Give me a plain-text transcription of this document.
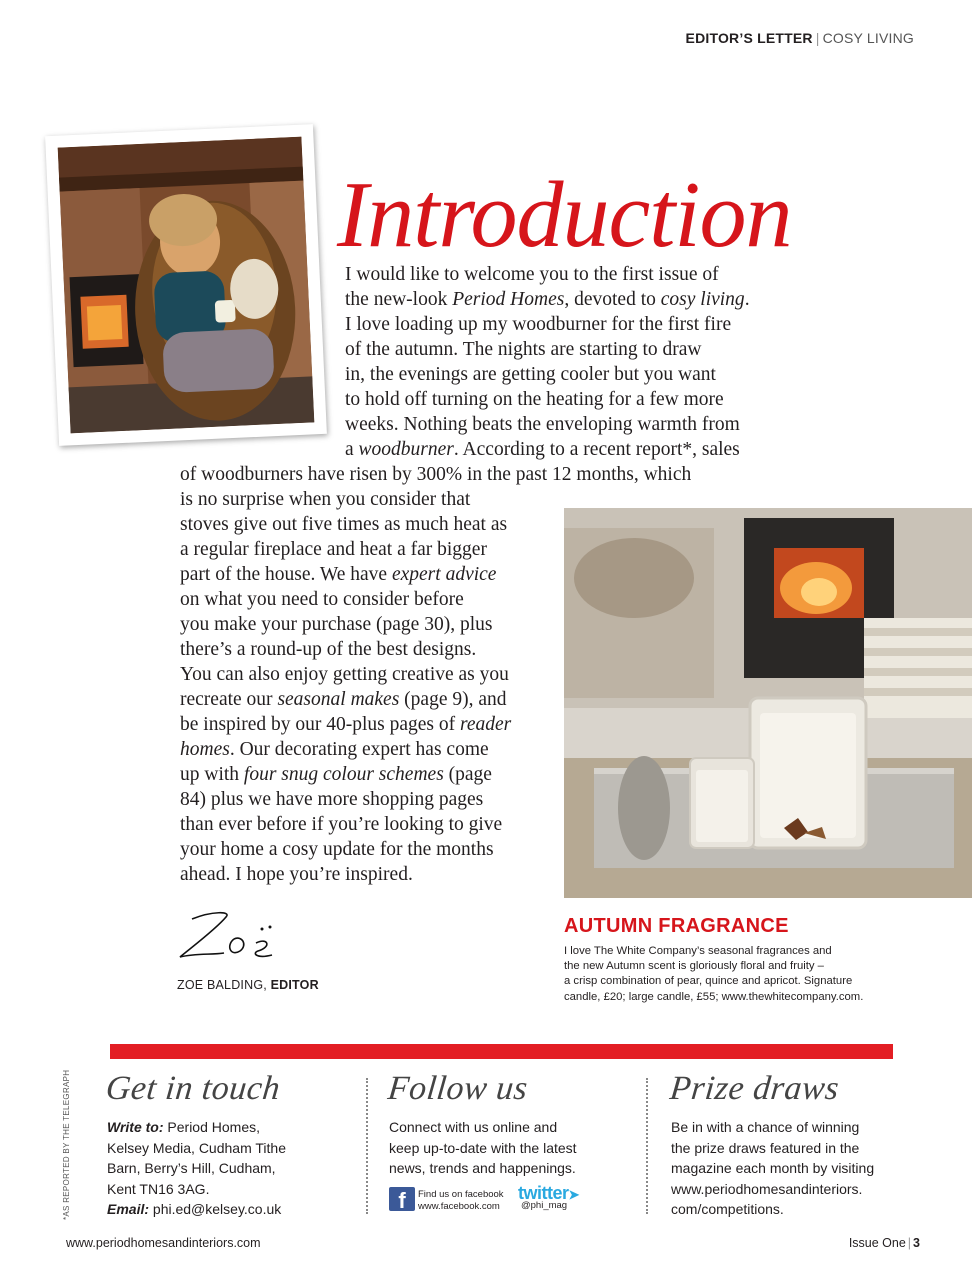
EDITOR’S LETTER | COSY LIVING
Introduction
I would like to welcome you to the first issue of
the new-look Period Homes, devoted to cosy living.
I love loading up my woodburner for the first fire
of the autumn. The nights are starting to draw
in, the evenings are getting cooler but you want
to hold off turning on the heating for a few more
weeks. Nothing beats the enveloping warmth from
a woodburner. According to a recent report*, sales
of woodburners have risen by 300% in the past 12 months, which
is no surprise when you consider that
stoves give out five times as much heat as
a regular fireplace and heat a far bigger
part of the house. We have expert advice
on what you need to consider before
you make your purchase (page 30), plus
there’s a round-up of the best designs.
You can also enjoy getting creative as you
recreate our seasonal makes (page 9), and
be inspired by our 40-plus pages of reader
homes. Our decorating expert has come
up with four snug colour schemes (page
84) plus we have more shopping pages
than ever before if you’re looking to give
your home a cosy update for the months
ahead. I hope you’re inspired.
ZOE BALDING, EDITOR
AUTUMN FRAGRANCE
I love The White Company’s seasonal fragrances and
the new Autumn scent is gloriously floral and fruity –
a crisp combination of pear, quince and apricot. Signature
candle, £20; large candle, £55; www.thewhitecompany.com.
*AS REPORTED BY THE TELEGRAPH Get in touch
Write to: Period Homes,
Kelsey Media, Cudham Tithe
Barn, Berry’s Hill, Cudham,
Kent TN16 3AG.
Email: phi.ed@kelsey.co.uk
Follow us
Connect with us online and
keep up-to-date with the latest
news, trends and happenings.
f	Find us on facebook
www.facebook.com
twitter➤
@phi_mag
Prize draws
Be in with a chance of winning
the prize draws featured in the
magazine each month by visiting
www.periodhomesandinteriors.
com/competitions.
www.periodhomesandinteriors.com	Issue One | 3
